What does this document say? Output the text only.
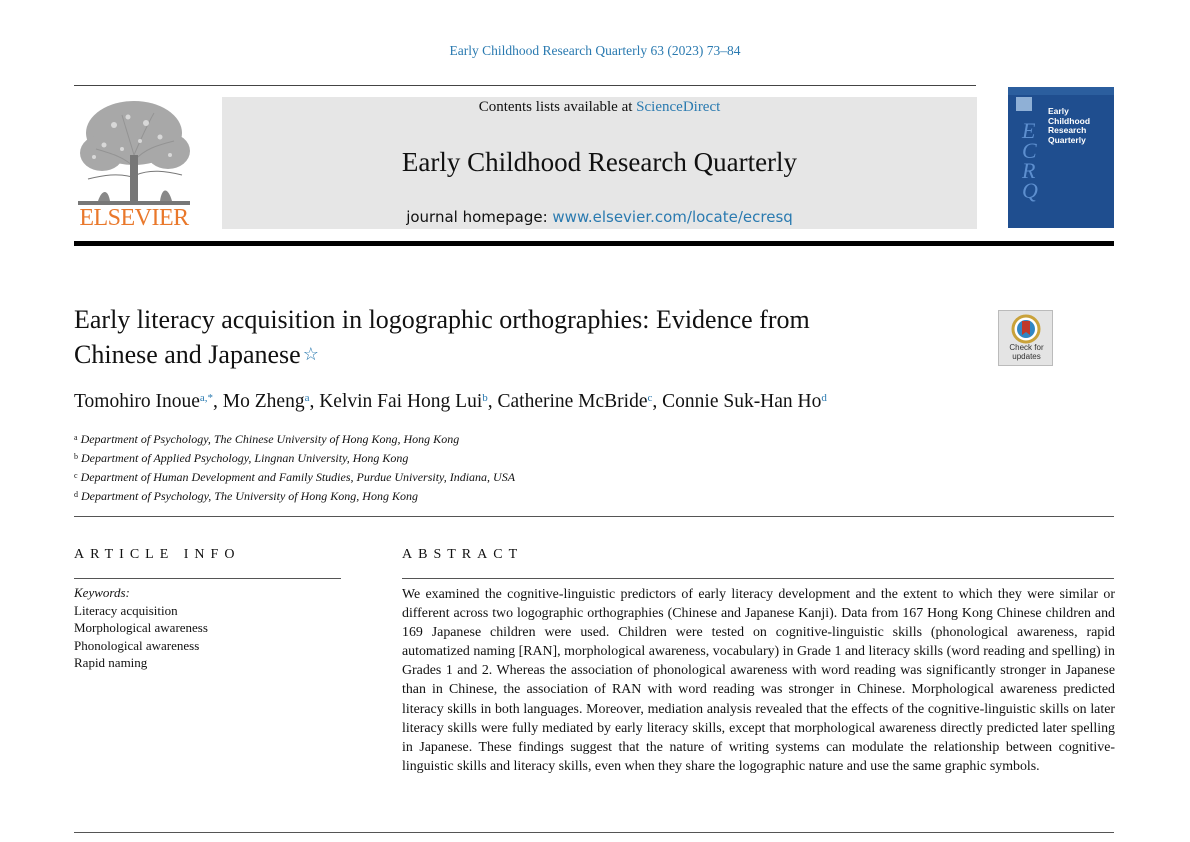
Early Childhood Research Quarterly 63 (2023) 73–84
ELSEVIER
Contents lists available at ScienceDirect
Early Childhood Research Quarterly
journal homepage: www.elsevier.com/locate/ecresq
Early
Childhood
Research
Quarterly
ECRQ
Early literacy acquisition in logographic orthographies: Evidence from
Chinese and Japanese ☆	Check for
updates
Tomohiro Inoue$^{a,*}$, Mo Zheng$^a$, Kelvin Fai Hong Lui$^b$, Catherine McBride$^c$, Connie Suk-Han Ho$^d$
$^a$ Department of Psychology, The Chinese University of Hong Kong, Hong Kong
$^b$ Department of Applied Psychology, Lingnan University, Hong Kong
$^c$ Department of Human Development and Family Studies, Purdue University, Indiana, USA
$^d$ Department of Psychology, The University of Hong Kong, Hong Kong
ARTICLE INFO
Keywords:
Literacy acquisition
Morphological awareness
Phonological awareness
Rapid naming
ABSTRACT
We examined the cognitive-linguistic predictors of early literacy development and the extent to which they were similar or different across two logographic orthographies (Chinese and Japanese Kanji). Data from 167 Hong Kong Chinese children and 169 Japanese children were used. Children were tested on cognitive-linguistic skills (phonological awareness, rapid automatized naming [RAN], morphological awareness, vocabulary) in Grade 1 and literacy skills (word reading and spelling) in Grades 1 and 2. Whereas the association of phonological awareness with word reading was significantly stronger in Japanese than in Chinese, the association of RAN with word reading was stronger in Chinese. Morphological awareness predicted literacy skills in both languages. Moreover, mediation analysis revealed that the effects of the cognitive-linguistic skills on later literacy skills were fully mediated by early literacy skills, except that morphological awareness directly predicted later spelling in Japanese. These findings suggest that the nature of writing systems can modulate the relationship between cognitive-linguistic skills and literacy skills, even when they share the logographic nature and use the same graphic symbols.
